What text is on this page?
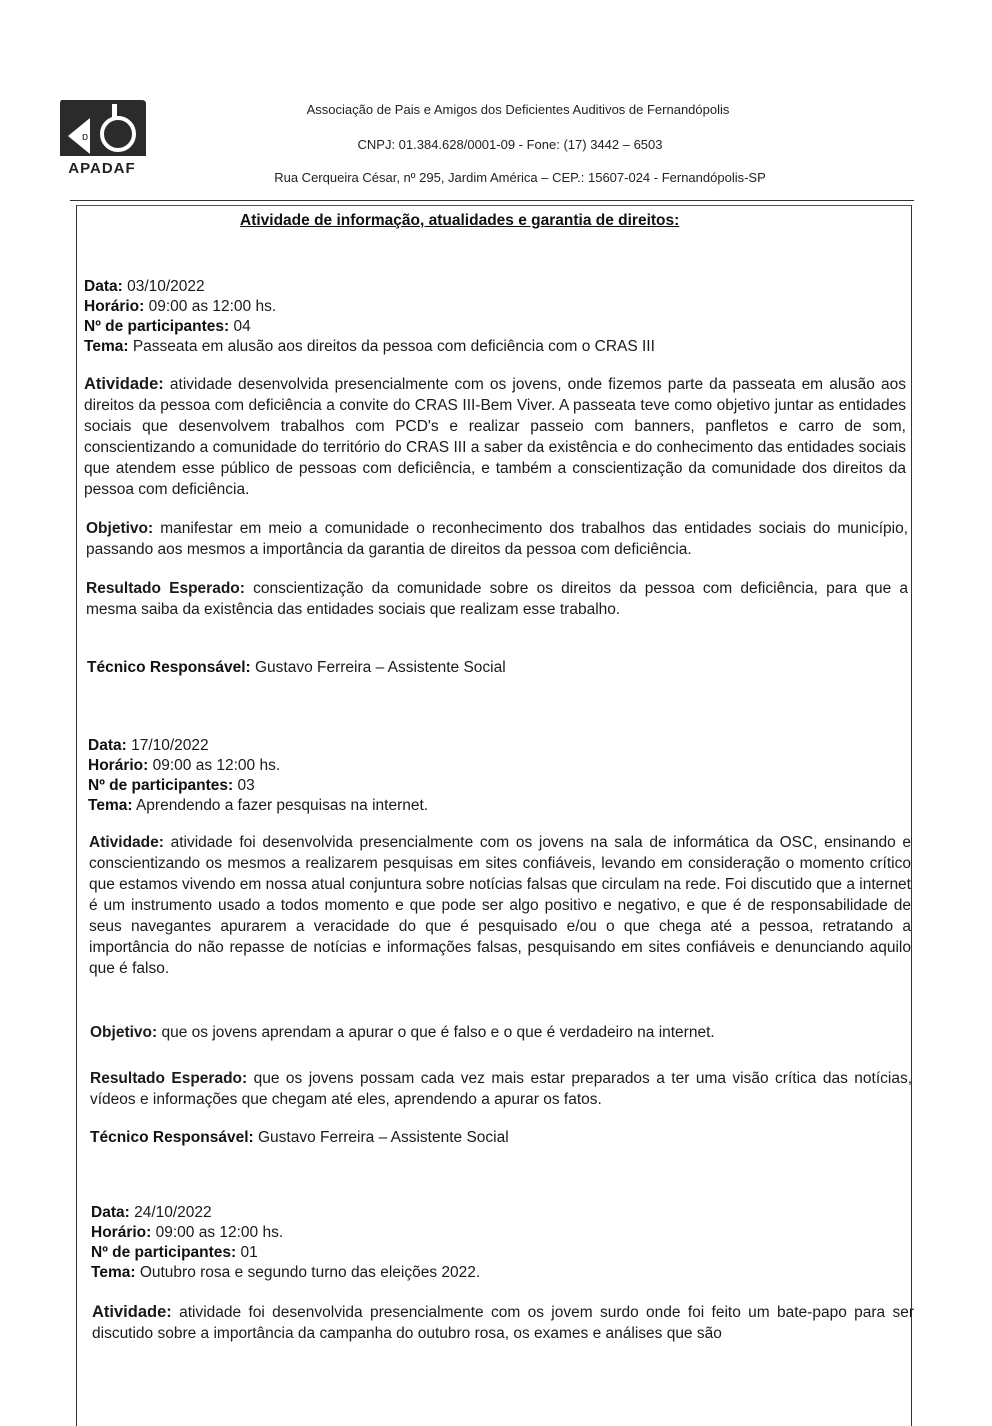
ɒ
APADAF
Associação de Pais e Amigos dos Deficientes Auditivos de Fernandópolis
CNPJ: 01.384.628/0001-09 - Fone: (17) 3442 – 6503
Rua Cerqueira César, nº 295, Jardim América – CEP.: 15607-024 - Fernandópolis-SP
Atividade de informação, atualidades e garantia de direitos:
Data: 03/10/2022
Horário: 09:00 as 12:00 hs.
Nº de participantes: 04
Tema: Passeata em alusão aos direitos da pessoa com deficiência com o CRAS III
Atividade: atividade desenvolvida presencialmente com os jovens, onde fizemos parte da passeata em alusão aos direitos da pessoa com deficiência a convite do CRAS III-Bem Viver. A passeata teve como objetivo juntar as entidades sociais que desenvolvem trabalhos com PCD's e realizar passeio com banners, panfletos e carro de som, conscientizando a comunidade do território do CRAS III a saber da existência e do conhecimento das entidades sociais que atendem esse público de pessoas com deficiência, e também a conscientização da comunidade dos direitos da pessoa com deficiência.
Objetivo: manifestar em meio a comunidade o reconhecimento dos trabalhos das entidades sociais do município, passando aos mesmos a importância da garantia de direitos da pessoa com deficiência.
Resultado Esperado: conscientização da comunidade sobre os direitos da pessoa com deficiência, para que a mesma saiba da existência das entidades sociais que realizam esse trabalho.
Técnico Responsável: Gustavo Ferreira – Assistente Social
Data: 17/10/2022
Horário: 09:00 as 12:00 hs.
Nº de participantes: 03
Tema: Aprendendo a fazer pesquisas na internet.
Atividade: atividade foi desenvolvida presencialmente com os jovens na sala de informática da OSC, ensinando e conscientizando os mesmos a realizarem pesquisas em sites confiáveis, levando em consideração o momento crítico que estamos vivendo em nossa atual conjuntura sobre notícias falsas que circulam na rede. Foi discutido que a internet é um instrumento usado a todos momento e que pode ser algo positivo e negativo, e que é de responsabilidade de seus navegantes apurarem a veracidade do que é pesquisado e/ou o que chega até a pessoa, retratando a importância do não repasse de notícias e informações falsas, pesquisando em sites confiáveis e denunciando aquilo que é falso.
Objetivo: que os jovens aprendam a apurar o que é falso e o que é verdadeiro na internet.
Resultado Esperado: que os jovens possam cada vez mais estar preparados a ter uma visão crítica das notícias, vídeos e informações que chegam até eles, aprendendo a apurar os fatos.
Técnico Responsável: Gustavo Ferreira – Assistente Social
Data: 24/10/2022
Horário: 09:00 as 12:00 hs.
Nº de participantes: 01
Tema: Outubro rosa e segundo turno das eleições 2022.
Atividade: atividade foi desenvolvida presencialmente com os jovem surdo onde foi feito um bate-papo para ser discutido sobre a importância da campanha do outubro rosa, os exames e análises que são
